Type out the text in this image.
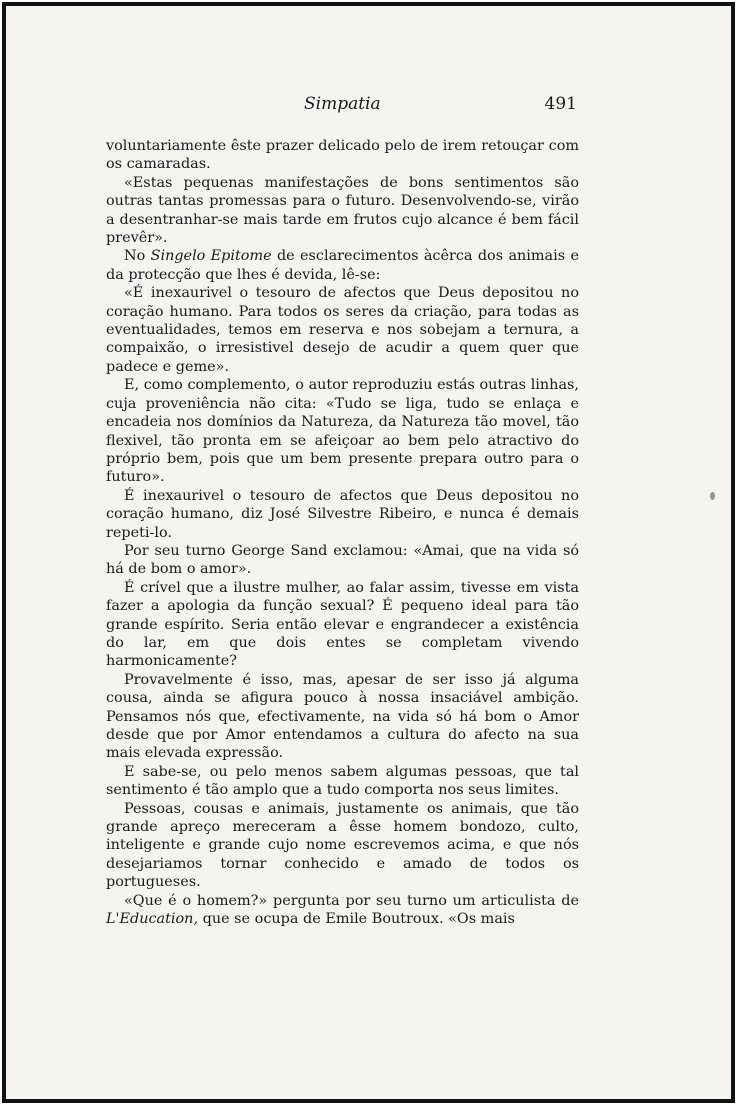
Simpatia	491

voluntariamente êste prazer delicado pelo de irem retouçar com os camaradas.

«Estas pequenas manifestações de bons sentimentos são outras tantas promessas para o futuro. Desenvolvendo-se, virão a desentranhar-se mais tarde em frutos cujo alcance é bem fácil prevêr».

No Singelo Epitome de esclarecimentos àcêrca dos animais e da protecção que lhes é devida, lê-se:

«É inexaurivel o tesouro de afectos que Deus depositou no coração humano. Para todos os seres da criação, para todas as eventualidades, temos em reserva e nos sobejam a ternura, a compaixão, o irresistivel desejo de acudir a quem quer que padece e geme».

E, como complemento, o autor reproduziu estás outras linhas, cuja proveniência não cita: «Tudo se liga, tudo se enlaça e encadeia nos domínios da Natureza, da Natureza tão movel, tão flexivel, tão pronta em se afeiçoar ao bem pelo atractivo do próprio bem, pois que um bem presente prepara outro para o futuro».

É inexaurivel o tesouro de afectos que Deus depositou no coração humano, diz José Silvestre Ribeiro, e nunca é demais repeti-lo.

Por seu turno George Sand exclamou: «Amai, que na vida só há de bom o amor».

É crível que a ilustre mulher, ao falar assim, tivesse em vista fazer a apologia da função sexual? É pequeno ideal para tão grande espírito. Seria então elevar e engrandecer a existência do lar, em que dois entes se completam vivendo harmonicamente?

Provavelmente é isso, mas, apesar de ser isso já alguma cousa, ainda se afigura pouco à nossa insaciável ambição. Pensamos nós que, efectivamente, na vida só há bom o Amor desde que por Amor entendamos a cultura do afecto na sua mais elevada expressão.

E sabe-se, ou pelo menos sabem algumas pessoas, que tal sentimento é tão amplo que a tudo comporta nos seus limites.

Pessoas, cousas e animais, justamente os animais, que tão grande apreço mereceram a êsse homem bondozo, culto, inteligente e grande cujo nome escrevemos acima, e que nós desejariamos tornar conhecido e amado de todos os portugueses.

«Que é o homem?» pergunta por seu turno um articulista de L'Education, que se ocupa de Emile Boutroux. «Os mais
